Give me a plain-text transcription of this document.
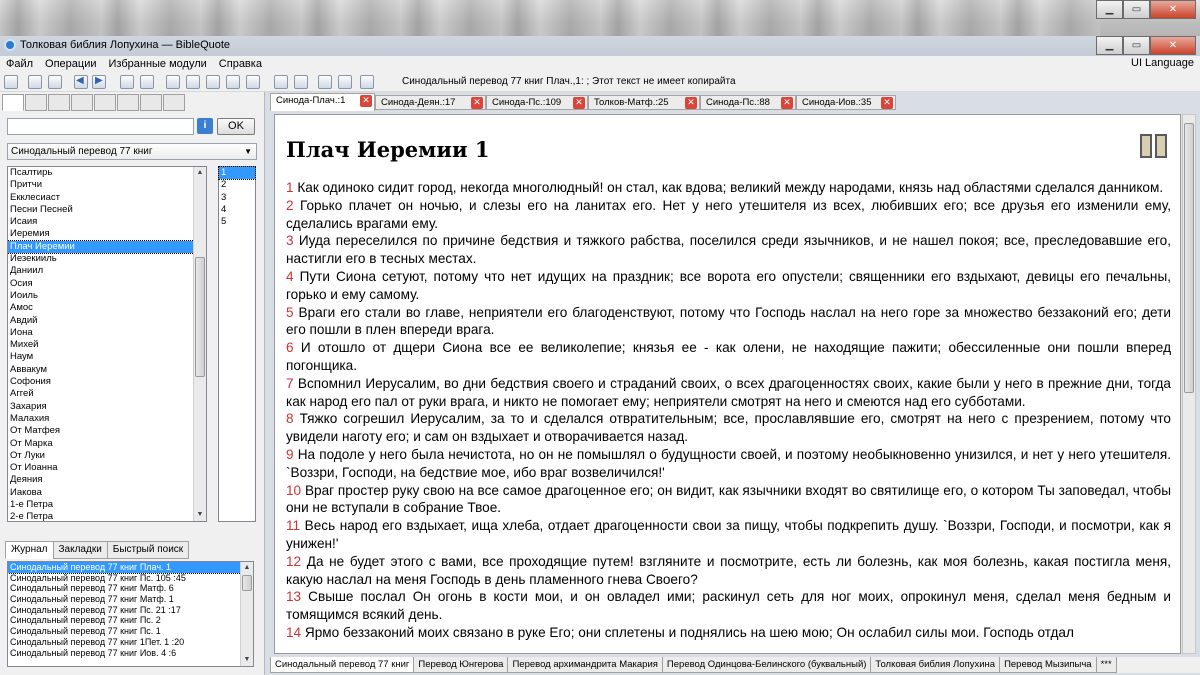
▁	▭	✕
Толковая библия Лопухина — BibleQuote	▁	▭	✕
Файл	Операции	Избранные модули	Справка	UI Language
◀
▶
Синодальный перевод 77 книг Плач.,1: ; Этот текст не имеет копирайта
i	OK
Синодальный перевод 77 книг	▼
Псалтирь
Притчи
Екклесиаст
Песни Песней
Исаия
Иеремия
Плач Иеремии
Иезекииль
Даниил
Осия
Иоиль
Амос
Авдий
Иона
Михей
Наум
Аввакум
Софония
Аггей
Захария
Малахия
От Матфея
От Марка
От Луки
От Иоанна
Деяния
Иакова
1-е Петра
2-е Петра
▲
▼
1
2
3
4
5
Журнал	Закладки	Быстрый поиск
Синодальный перевод 77 книг Плач. 1
Синодальный перевод 77 книг Пс. 105 :45
Синодальный перевод 77 книг Матф. 6
Синодальный перевод 77 книг Матф. 1
Синодальный перевод 77 книг Пс. 21 :17
Синодальный перевод 77 книг Пс. 2
Синодальный перевод 77 книг Пс. 1
Синодальный перевод 77 книг 1Пет. 1 :20
Синодальный перевод 77 книг Иов. 4 :6
▲
▼
Синода-Плач.:1 ✕	Синода-Деян.:17 ✕	Синода-Пс.:109 ✕	Толков-Матф.:25 ✕	Синода-Пс.:88 ✕	Синода-Иов.:35 ✕
Плач Иеремии 1
1 Как одиноко сидит город, некогда многолюдный! он стал, как вдова; великий между народами, князь над областями сделался данником.
2 Горько плачет он ночью, и слезы его на ланитах его. Нет у него утешителя из всех, любивших его; все друзья его изменили ему, сделались врагами ему.
3 Иуда переселился по причине бедствия и тяжкого рабства, поселился среди язычников, и не нашел покоя; все, преследовавшие его, настигли его в тесных местах.
4 Пути Сиона сетуют, потому что нет идущих на праздник; все ворота его опустели; священники его вздыхают, девицы его печальны, горько и ему самому.
5 Враги его стали во главе, неприятели его благоденствуют, потому что Господь наслал на него горе за множество беззаконий его; дети его пошли в плен впереди врага.
6 И отошло от дщери Сиона все ее великолепие; князья ее - как олени, не находящие пажити; обессиленные они пошли вперед погонщика.
7 Вспомнил Иерусалим, во дни бедствия своего и страданий своих, о всех драгоценностях своих, какие были у него в прежние дни, тогда как народ его пал от руки врага, и никто не помогает ему; неприятели смотрят на него и смеются над его субботами.
8 Тяжко согрешил Иерусалим, за то и сделался отвратительным; все, прославлявшие его, смотрят на него с презрением, потому что увидели наготу его; и сам он вздыхает и отворачивается назад.
9 На подоле у него была нечистота, но он не помышлял о будущности своей, и поэтому необыкновенно унизился, и нет у него утешителя. `Воззри, Господи, на бедствие мое, ибо враг возвеличился!'
10 Враг простер руку свою на все самое драгоценное его; он видит, как язычники входят во святилище его, о котором Ты заповедал, чтобы они не вступали в собрание Твое.
11 Весь народ его вздыхает, ища хлеба, отдает драгоценности свои за пищу, чтобы подкрепить душу. `Воззри, Господи, и посмотри, как я унижен!'
12 Да не будет этого с вами, все проходящие путем! взгляните и посмотрите, есть ли болезнь, как моя болезнь, какая постигла меня, какую наслал на меня Господь в день пламенного гнева Своего?
13 Свыше послал Он огонь в кости мои, и он овладел ими; раскинул сеть для ног моих, опрокинул меня, сделал меня бедным и томящимся всякий день.
14 Ярмо беззаконий моих связано в руке Его; они сплетены и поднялись на шею мою; Он ослабил силы мои. Господь отдал
Синодальный перевод 77 книг Перевод Юнгерова Перевод архимандрита Макария Перевод Одинцова-Белинского (буквальный) Толковая библия Лопухина Перевод Мызипыча ***
